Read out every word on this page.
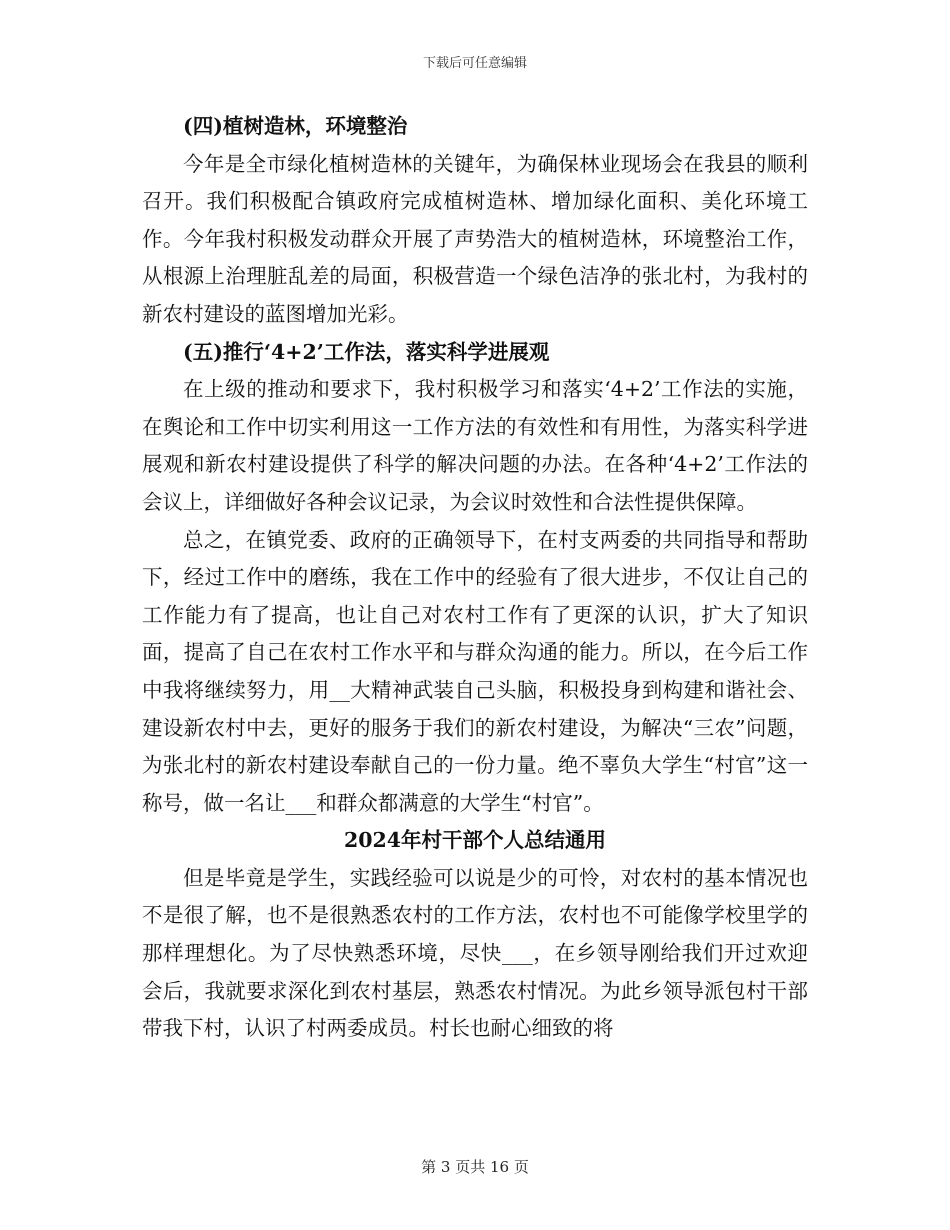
下载后可任意编辑
(四)植树造林，环境整治

今年是全市绿化植树造林的关键年，为确保林业现场会在我县的顺利召开。我们积极配合镇政府完成植树造林、增加绿化面积、美化环境工作。今年我村积极发动群众开展了声势浩大的植树造林，环境整治工作，从根源上治理脏乱差的局面，积极营造一个绿色洁净的张北村，为我村的新农村建设的蓝图增加光彩。

(五)推行‘4+2’工作法，落实科学进展观

在上级的推动和要求下，我村积极学习和落实‘4+2’工作法的实施，在舆论和工作中切实利用这一工作方法的有效性和有用性，为落实科学进展观和新农村建设提供了科学的解决问题的办法。在各种‘4+2’工作法的会议上，详细做好各种会议记录，为会议时效性和合法性提供保障。

总之，在镇党委、政府的正确领导下，在村支两委的共同指导和帮助下，经过工作中的磨练，我在工作中的经验有了很大进步，不仅让自己的工作能力有了提高，也让自己对农村工作有了更深的认识，扩大了知识面，提高了自己在农村工作水平和与群众沟通的能力。所以，在今后工作中我将继续努力，用__大精神武装自己头脑，积极投身到构建和谐社会、建设新农村中去，更好的服务于我们的新农村建设，为解决“三农”问题，为张北村的新农村建设奉献自己的一份力量。绝不辜负大学生“村官”这一称号，做一名让___和群众都满意的大学生“村官”。

2024年村干部个人总结通用

但是毕竟是学生，实践经验可以说是少的可怜，对农村的基本情况也不是很了解，也不是很熟悉农村的工作方法，农村也不可能像学校里学的那样理想化。为了尽快熟悉环境，尽快___，在乡领导刚给我们开过欢迎会后，我就要求深化到农村基层，熟悉农村情况。为此乡领导派包村干部带我下村，认识了村两委成员。村长也耐心细致的将

第 3 页共 16 页
